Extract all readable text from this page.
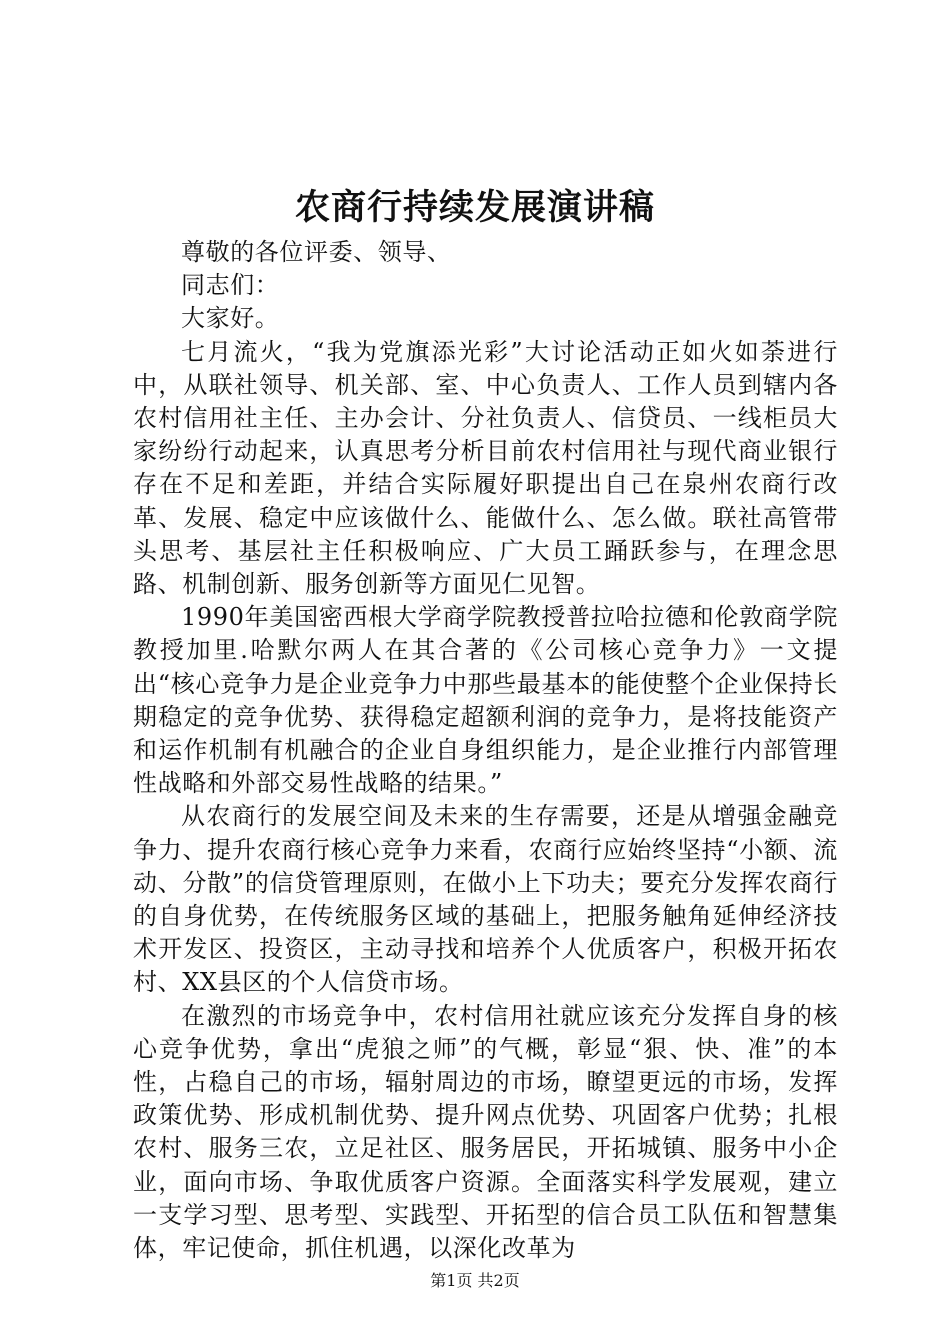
农商行持续发展演讲稿

尊敬的各位评委、领导、

同志们：

大家好。

七月流火，“我为党旗添光彩”大讨论活动正如火如荼进行中，从联社领导、机关部、室、中心负责人、工作人员到辖内各农村信用社主任、主办会计、分社负责人、信贷员、一线柜员大家纷纷行动起来，认真思考分析目前农村信用社与现代商业银行存在不足和差距，并结合实际履好职提出自己在泉州农商行改革、发展、稳定中应该做什么、能做什么、怎么做。联社高管带头思考、基层社主任积极响应、广大员工踊跃参与，在理念思路、机制创新、服务创新等方面见仁见智。

1990年美国密西根大学商学院教授普拉哈拉德和伦敦商学院教授加里.哈默尔两人在其合著的《公司核心竞争力》一文提出“核心竞争力是企业竞争力中那些最基本的能使整个企业保持长期稳定的竞争优势、获得稳定超额利润的竞争力，是将技能资产和运作机制有机融合的企业自身组织能力，是企业推行内部管理性战略和外部交易性战略的结果。”

从农商行的发展空间及未来的生存需要，还是从增强金融竞争力、提升农商行核心竞争力来看，农商行应始终坚持“小额、流动、分散”的信贷管理原则，在做小上下功夫；要充分发挥农商行的自身优势，在传统服务区域的基础上，把服务触角延伸经济技术开发区、投资区，主动寻找和培养个人优质客户，积极开拓农村、XX县区的个人信贷市场。

在激烈的市场竞争中，农村信用社就应该充分发挥自身的核心竞争优势，拿出“虎狼之师”的气概，彰显“狠、快、准”的本性，占稳自己的市场，辐射周边的市场，瞭望更远的市场，发挥政策优势、形成机制优势、提升网点优势、巩固客户优势；扎根农村、服务三农，立足社区、服务居民，开拓城镇、服务中小企业，面向市场、争取优质客户资源。全面落实科学发展观，建立一支学习型、思考型、实践型、开拓型的信合员工队伍和智慧集体，牢记使命，抓住机遇，以深化改革为

第1页 共2页
